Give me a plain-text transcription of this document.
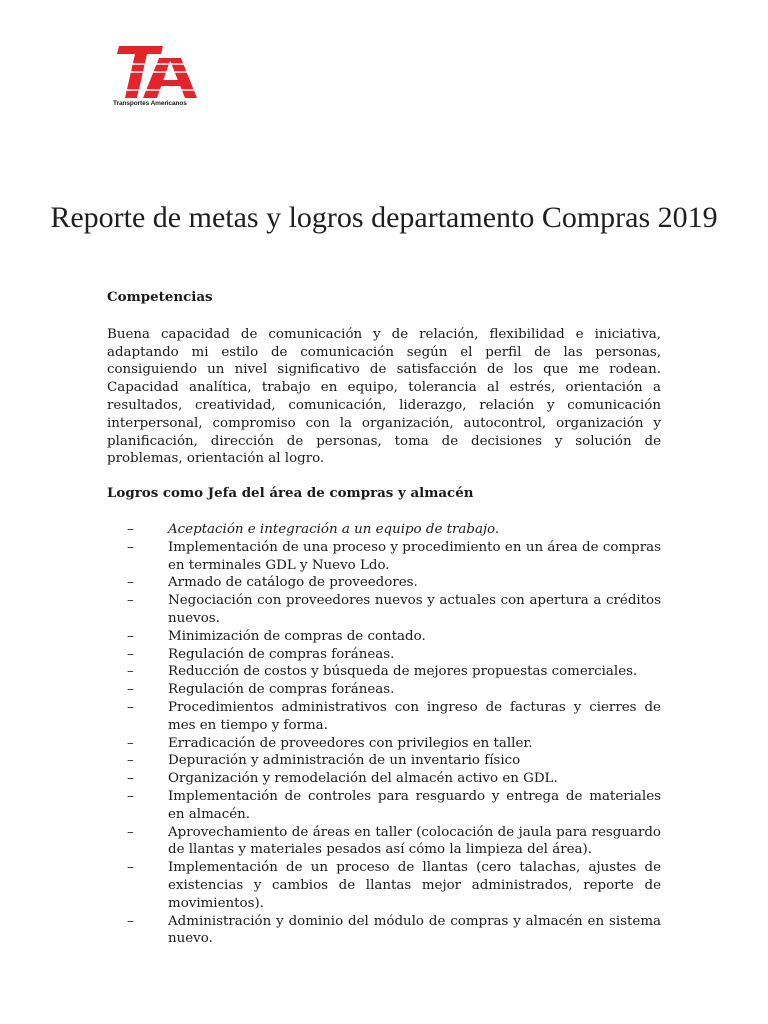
Transportes Americanos
Reporte de metas y logros departamento Compras 2019

Competencias

Buena capacidad de comunicación y de relación, flexibilidad e iniciativa, adaptando mi estilo de comunicación según el perfil de las personas, consiguiendo un nivel significativo de satisfacción de los que me rodean. Capacidad analítica, trabajo en equipo, tolerancia al estrés, orientación a resultados, creatividad, comunicación, liderazgo, relación y comunicación interpersonal, compromiso con la organización, autocontrol, organización y planificación, dirección de personas, toma de decisiones y solución de problemas, orientación al logro.

Logros como Jefa del área de compras y almacén

–	Aceptación e integración a un equipo de trabajo.
–	Implementación de una proceso y procedimiento en un área de compras en terminales GDL y Nuevo Ldo.
–	Armado de catálogo de proveedores.
–	Negociación con proveedores nuevos y actuales con apertura a créditos nuevos.
–	Minimización de compras de contado.
–	Regulación de compras foráneas.
–	Reducción de costos y búsqueda de mejores propuestas comerciales.
–	Regulación de compras foráneas.
–	Procedimientos administrativos con ingreso de facturas y cierres de mes en tiempo y forma.
–	Erradicación de proveedores con privilegios en taller.
–	Depuración y administración de un inventario físico
–	Organización y remodelación del almacén activo en GDL.
–	Implementación de controles para resguardo y entrega de materiales en almacén.
–	Aprovechamiento de áreas en taller (colocación de jaula para resguardo de llantas y materiales pesados así cómo la limpieza del área).
–	Implementación de un proceso de llantas (cero talachas, ajustes de existencias y cambios de llantas mejor administrados, reporte de movimientos).
–	Administración y dominio del módulo de compras y almacén en sistema nuevo.
